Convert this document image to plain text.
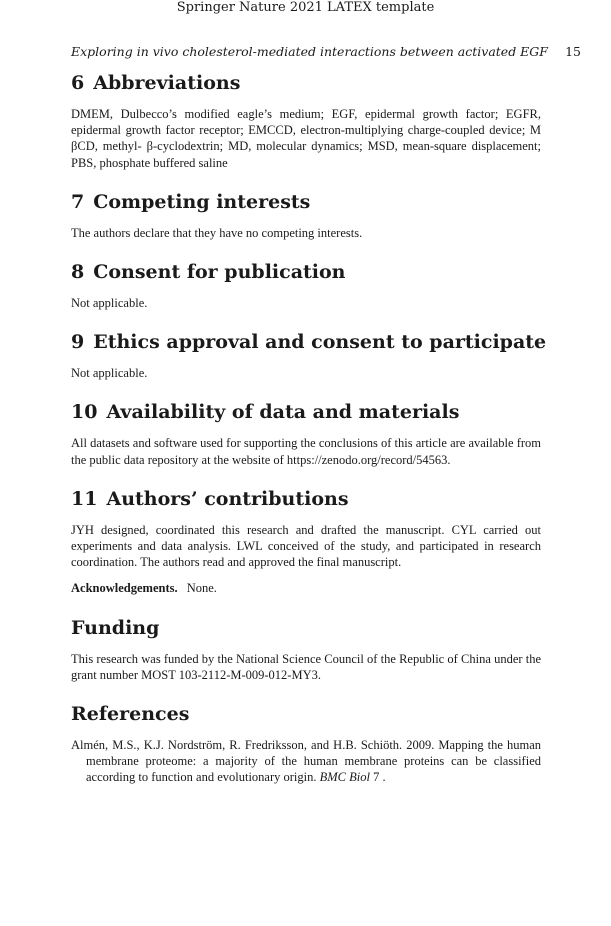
Springer Nature 2021 LATEX template
Exploring in vivo cholesterol-mediated interactions between activated EGF 15
6 Abbreviations

DMEM, Dulbecco’s modified eagle’s medium; EGF, epidermal growth factor; EGFR, epidermal growth factor receptor; EMCCD, electron-multiplying charge-coupled device; M βCD, methyl- β-cyclodextrin; MD, molecular dynamics; MSD, mean-square displacement; PBS, phosphate buffered saline

7 Competing interests

The authors declare that they have no competing interests.

8 Consent for publication

Not applicable.

9 Ethics approval and consent to participate

Not applicable.

10 Availability of data and materials

All datasets and software used for supporting the conclusions of this article are available from the public data repository at the website of https://zenodo.org/record/54563.

11 Authors’ contributions

JYH designed, coordinated this research and drafted the manuscript. CYL carried out experiments and data analysis. LWL conceived of the study, and participated in research coordination. The authors read and approved the final manuscript.

Acknowledgements. None.

Funding

This research was funded by the National Science Council of the Republic of China under the grant number MOST 103-2112-M-009-012-MY3.

References

Almén, M.S., K.J. Nordström, R. Fredriksson, and H.B. Schiöth. 2009. Mapping the human membrane proteome: a majority of the human membrane proteins can be classified according to function and evolutionary origin. BMC Biol 7 .
